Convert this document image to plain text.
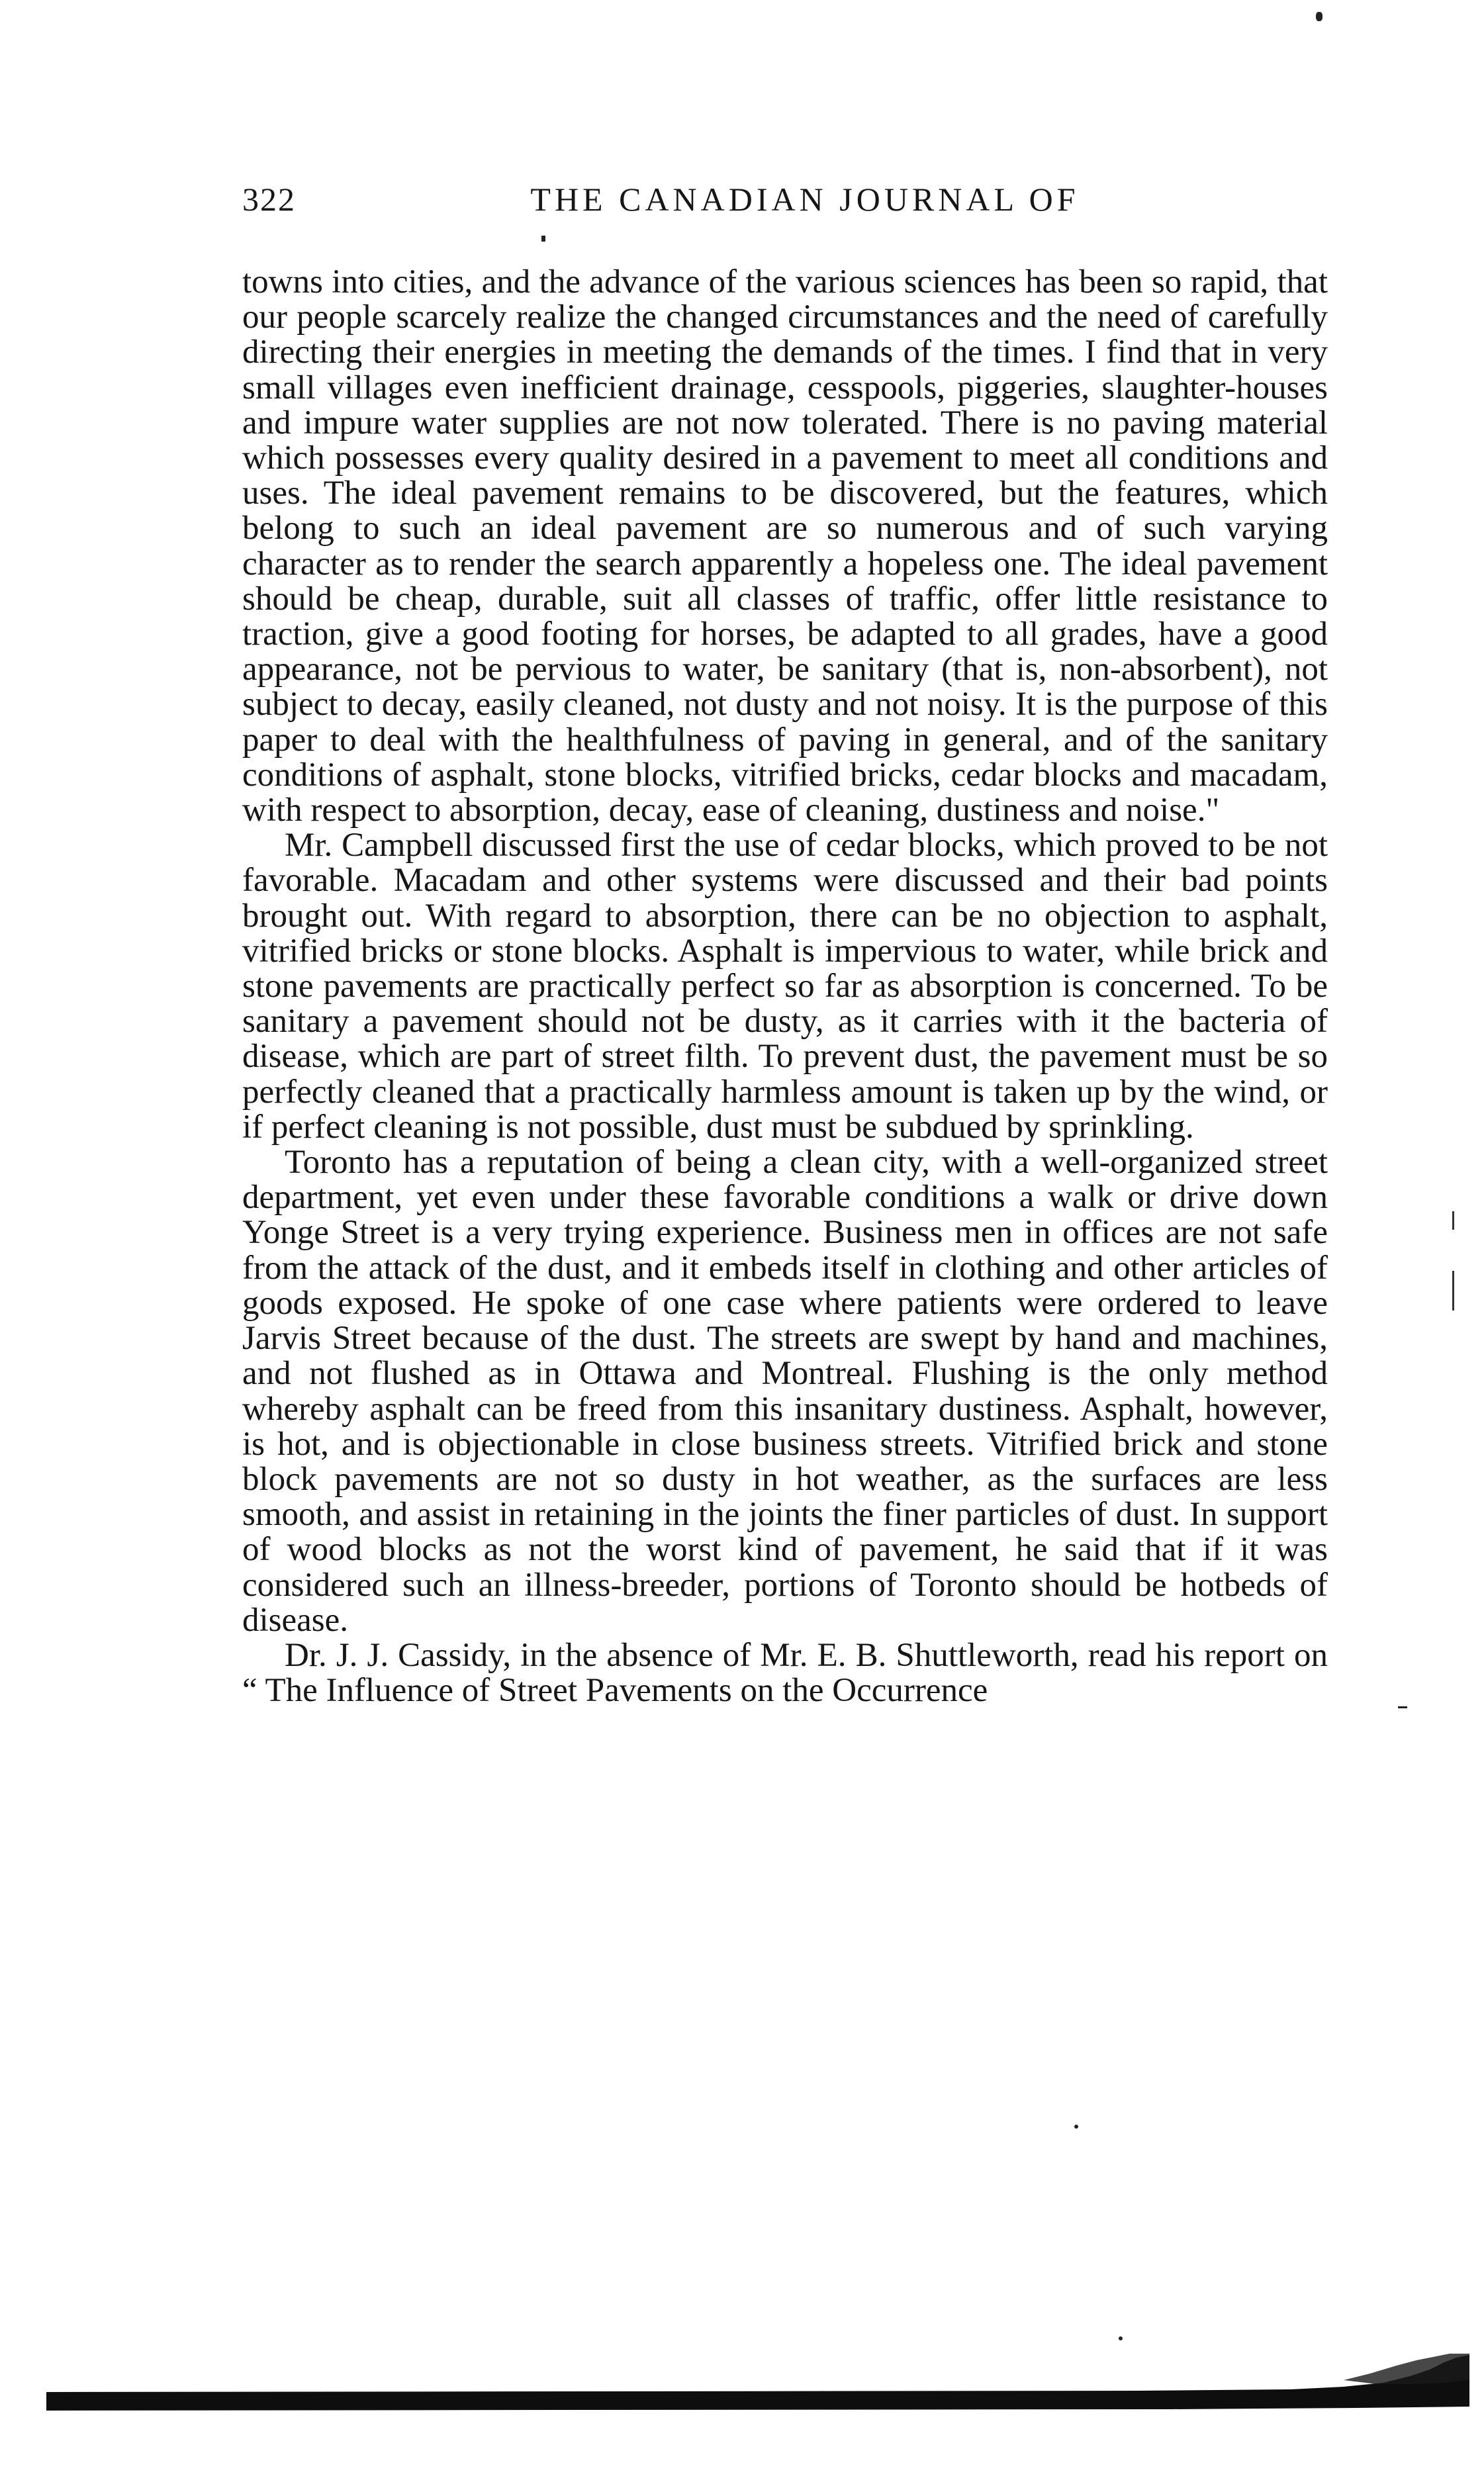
322	THE CANADIAN JOURNAL OF

towns into cities, and the advance of the various sciences has been so rapid, that our people scarcely realize the changed circumstances and the need of carefully directing their energies in meeting the demands of the times. I find that in very small villages even inefficient drainage, cesspools, piggeries, slaughter-houses and impure water supplies are not now tolerated. There is no paving material which possesses every quality desired in a pavement to meet all conditions and uses. The ideal pavement remains to be discovered, but the features, which belong to such an ideal pavement are so numerous and of such varying character as to render the search apparently a hopeless one. The ideal pavement should be cheap, durable, suit all classes of traffic, offer little resistance to traction, give a good footing for horses, be adapted to all grades, have a good appearance, not be pervious to water, be sanitary (that is, non-absorbent), not subject to decay, easily cleaned, not dusty and not noisy. It is the purpose of this paper to deal with the healthfulness of paving in general, and of the sanitary conditions of asphalt, stone blocks, vitrified bricks, cedar blocks and macadam, with respect to absorption, decay, ease of cleaning, dustiness and noise."

Mr. Campbell discussed first the use of cedar blocks, which proved to be not favorable. Macadam and other systems were discussed and their bad points brought out. With regard to absorption, there can be no objection to asphalt, vitrified bricks or stone blocks. Asphalt is impervious to water, while brick and stone pavements are practically perfect so far as absorption is concerned. To be sanitary a pavement should not be dusty, as it carries with it the bacteria of disease, which are part of street filth. To prevent dust, the pavement must be so perfectly cleaned that a practically harmless amount is taken up by the wind, or if perfect cleaning is not possible, dust must be subdued by sprinkling.

Toronto has a reputation of being a clean city, with a well-organized street department, yet even under these favorable conditions a walk or drive down Yonge Street is a very trying experience. Business men in offices are not safe from the attack of the dust, and it embeds itself in clothing and other articles of goods exposed. He spoke of one case where patients were ordered to leave Jarvis Street because of the dust. The streets are swept by hand and machines, and not flushed as in Ottawa and Montreal. Flushing is the only method whereby asphalt can be freed from this insanitary dustiness. Asphalt, however, is hot, and is objectionable in close business streets. Vitrified brick and stone block pavements are not so dusty in hot weather, as the surfaces are less smooth, and assist in retaining in the joints the finer particles of dust. In support of wood blocks as not the worst kind of pavement, he said that if it was considered such an illness-breeder, portions of Toronto should be hotbeds of disease.

Dr. J. J. Cassidy, in the absence of Mr. E. B. Shuttleworth, read his report on “ The Influence of Street Pavements on the Occurrence
